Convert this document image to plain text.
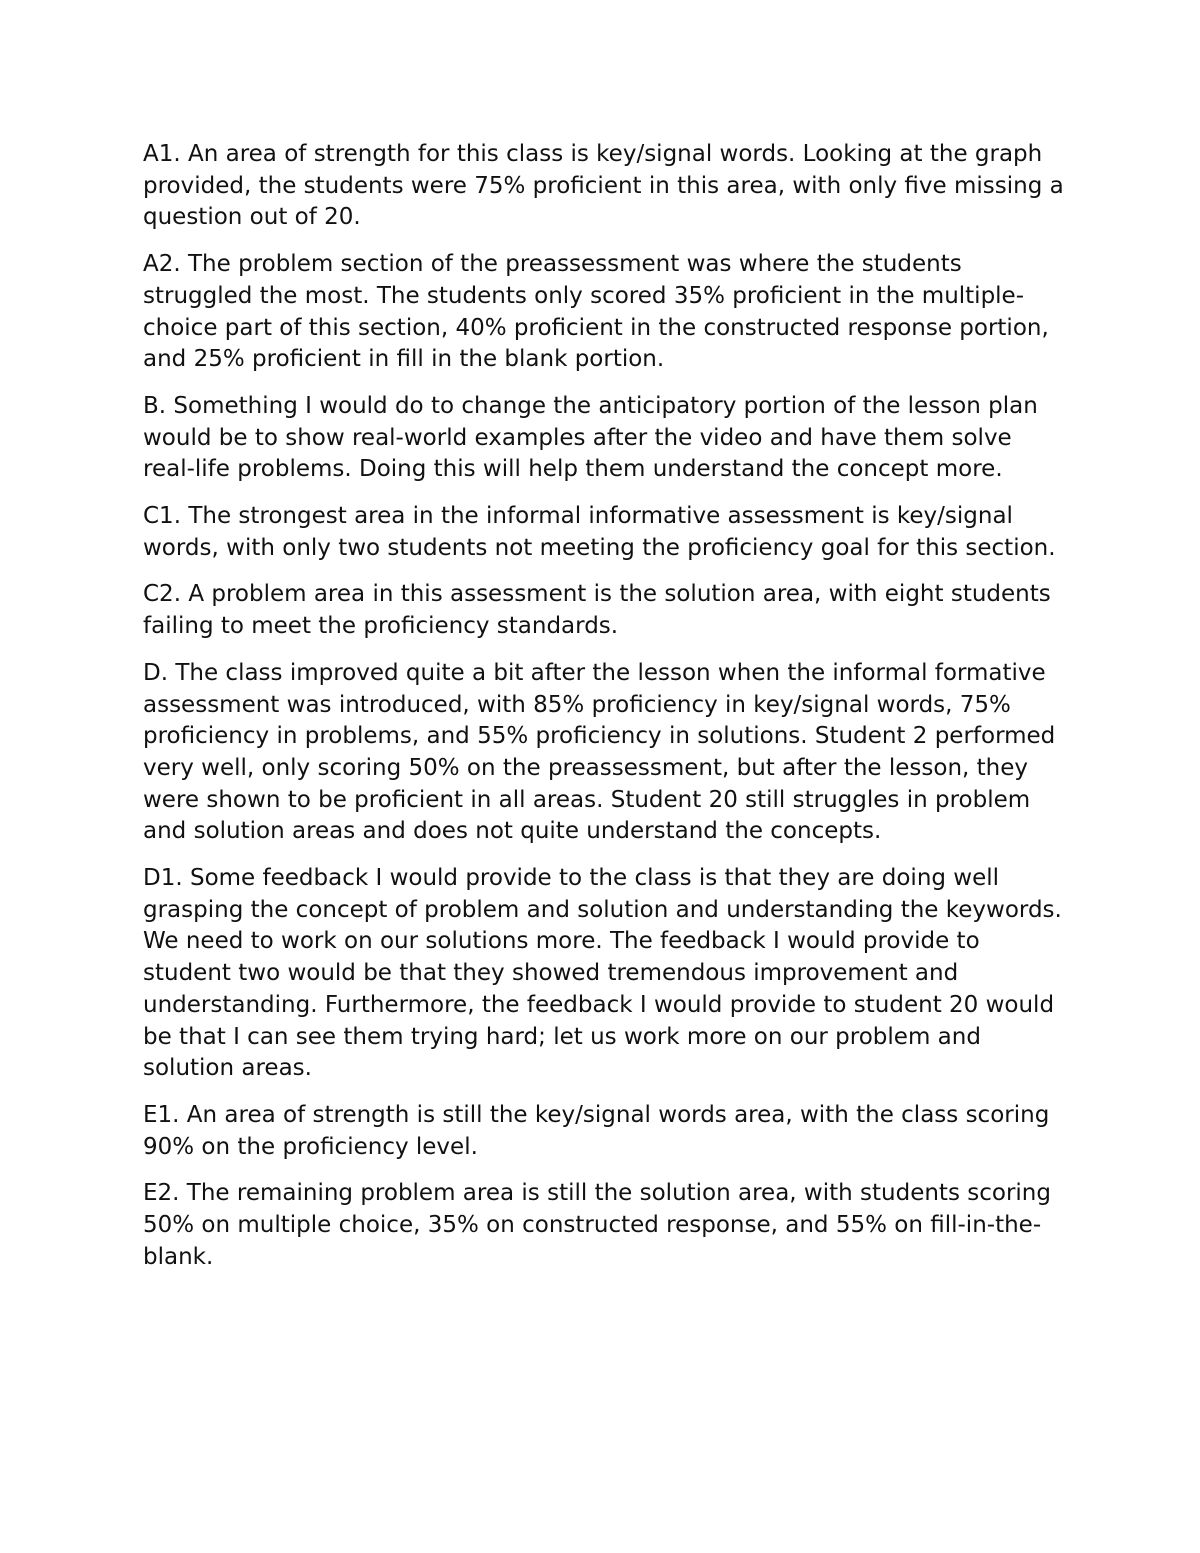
A1. An area of strength for this class is key/signal words. Looking at the graph provided, the students were 75% proficient in this area, with only five missing a question out of 20.

A2. The problem section of the preassessment was where the students struggled the most. The students only scored 35% proficient in the multiple-choice part of this section, 40% proficient in the constructed response portion, and 25% proficient in fill in the blank portion.

B. Something I would do to change the anticipatory portion of the lesson plan would be to show real-world examples after the video and have them solve real-life problems. Doing this will help them understand the concept more.

C1. The strongest area in the informal informative assessment is key/signal words, with only two students not meeting the proficiency goal for this section.

C2. A problem area in this assessment is the solution area, with eight students failing to meet the proficiency standards.

D. The class improved quite a bit after the lesson when the informal formative assessment was introduced, with 85% proficiency in key/signal words, 75% proficiency in problems, and 55% proficiency in solutions. Student 2 performed very well, only scoring 50% on the preassessment, but after the lesson, they were shown to be proficient in all areas. Student 20 still struggles in problem and solution areas and does not quite understand the concepts.

D1. Some feedback I would provide to the class is that they are doing well grasping the concept of problem and solution and understanding the keywords. We need to work on our solutions more. The feedback I would provide to student two would be that they showed tremendous improvement and understanding. Furthermore, the feedback I would provide to student 20 would be that I can see them trying hard; let us work more on our problem and solution areas.

E1. An area of strength is still the key/signal words area, with the class scoring 90% on the proficiency level.

E2. The remaining problem area is still the solution area, with students scoring 50% on multiple choice, 35% on constructed response, and 55% on fill-in-the-blank.
